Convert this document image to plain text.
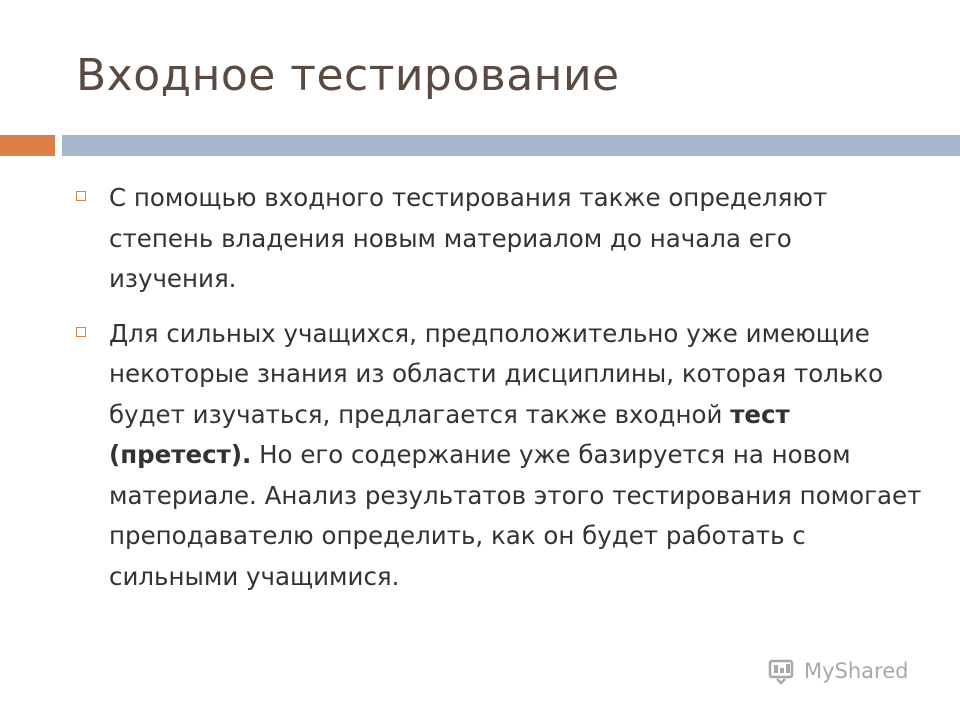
Входное тестирование
С помощью входного тестирования также определяют степень владения новым материалом до начала его изучения.
Для сильных учащихся, предположительно уже имеющие некоторые знания из области дисциплины, которая только будет изучаться, предлагается также входной тест (претест). Но его содержание уже базируется на новом материале. Анализ результатов этого тестирования помогает преподавателю определить, как он будет работать с сильными учащимися.
MyShared
